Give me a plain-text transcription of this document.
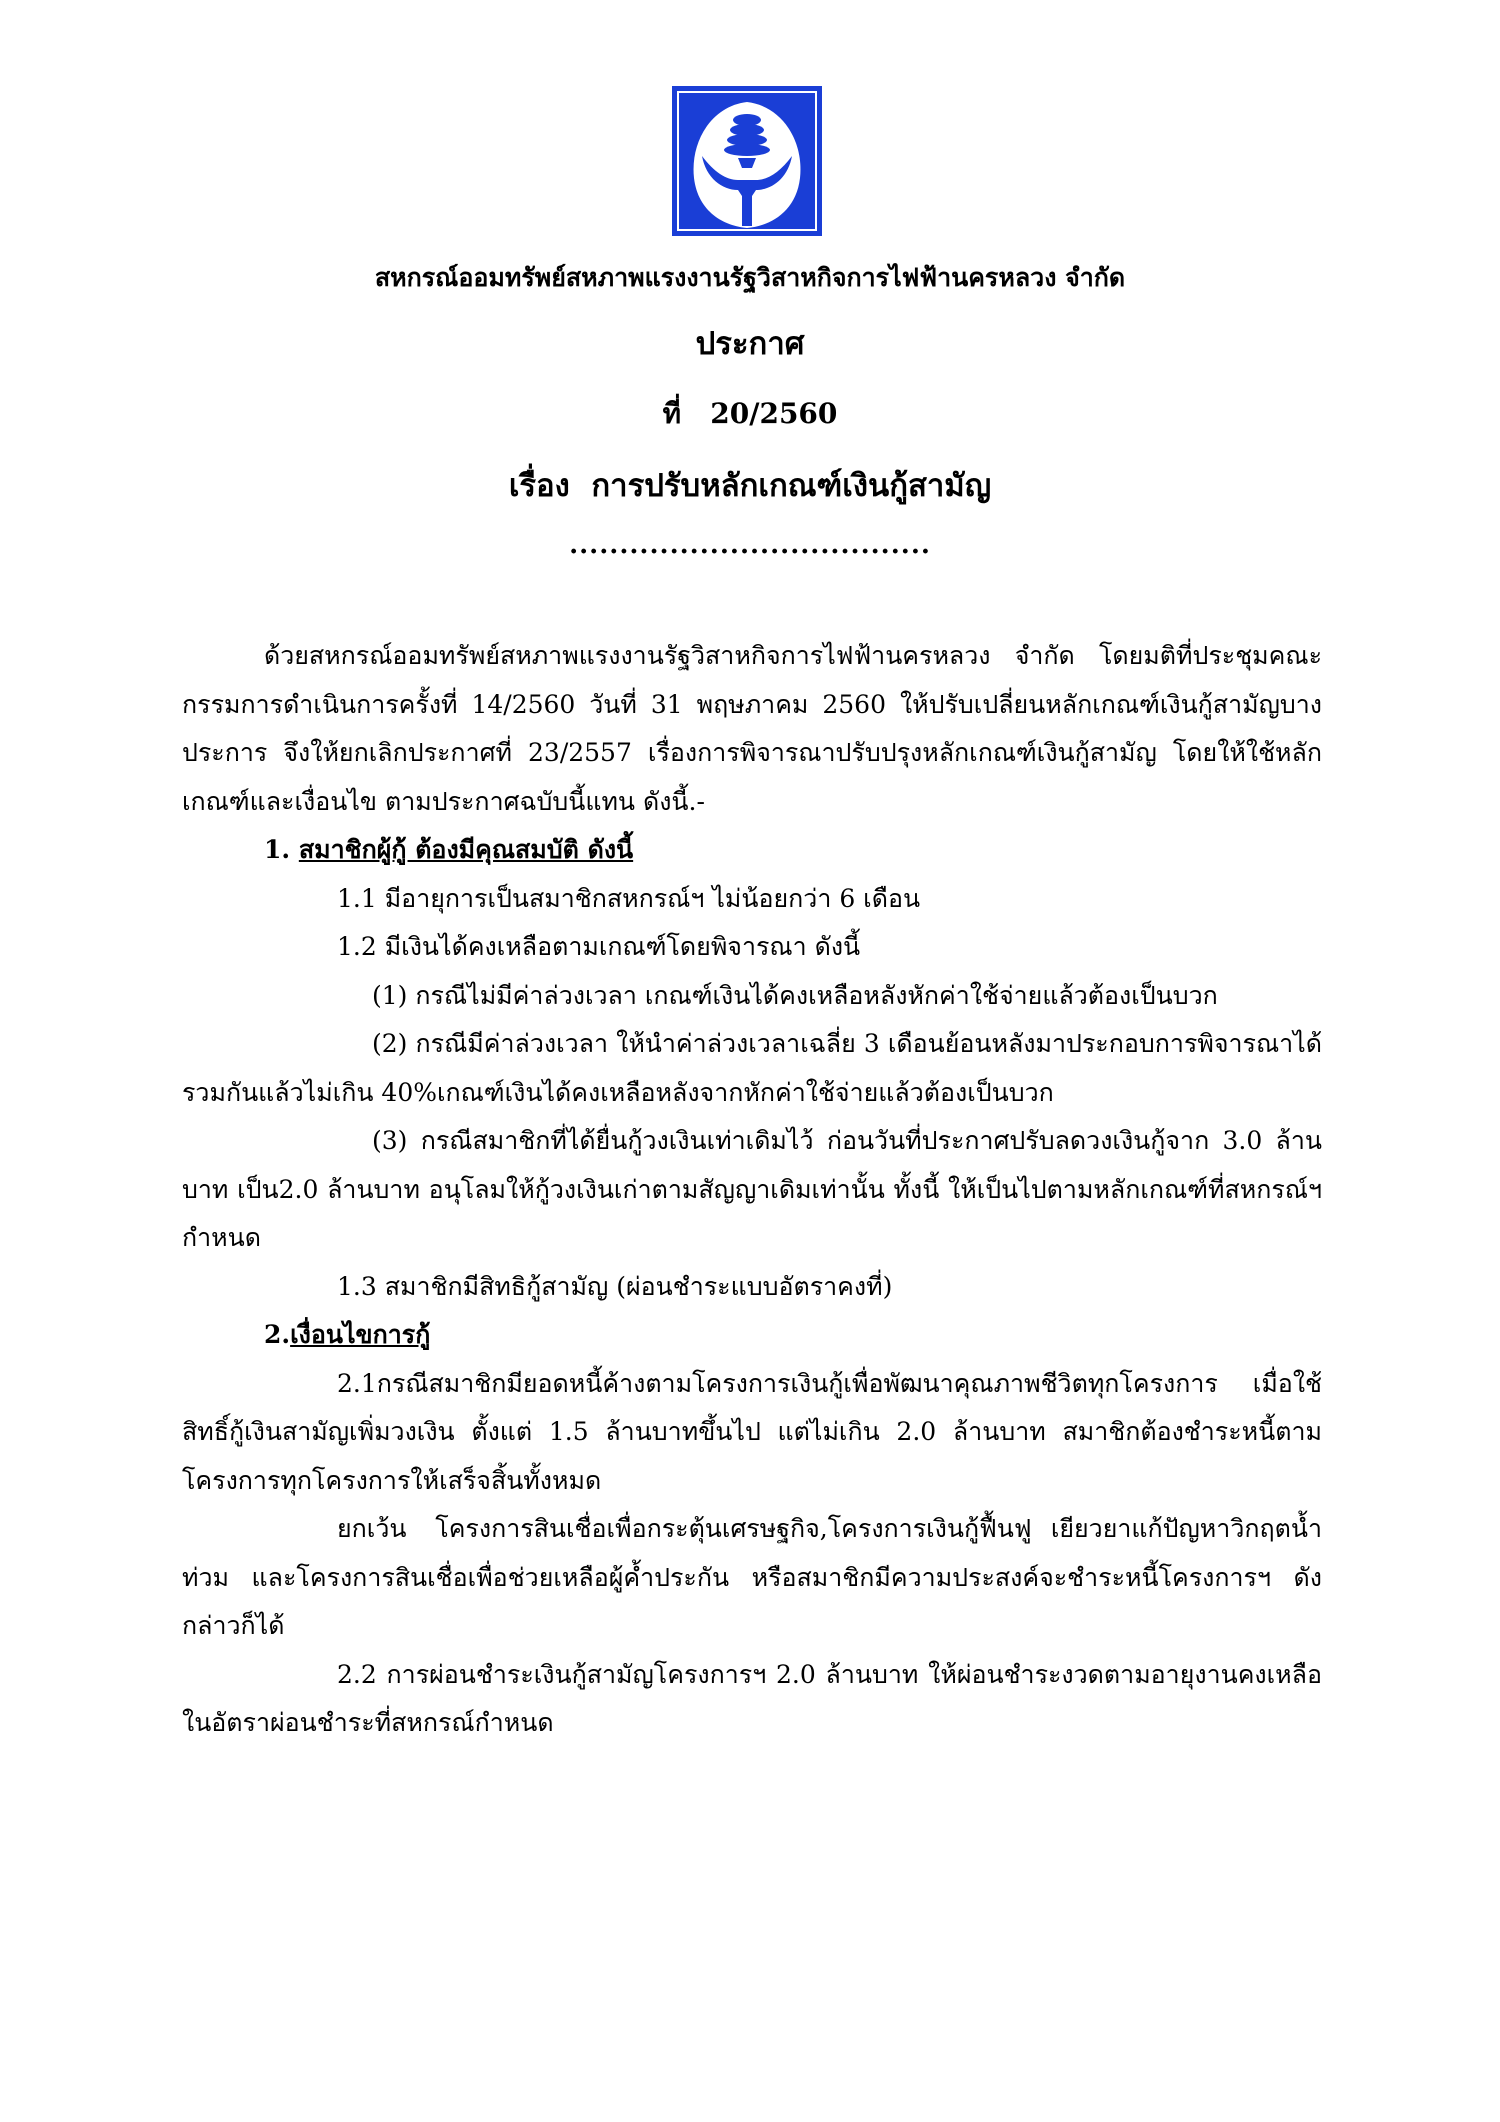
สหกรณ์ออมทรัพย์สหภาพแรงงานรัฐวิสาหกิจการไฟฟ้านครหลวง จำกัด
ประกาศ
ที่   20/2560
เรื่อง  การปรับหลักเกณฑ์เงินกู้สามัญ
....................................

ด้วยสหกรณ์ออมทรัพย์สหภาพแรงงานรัฐวิสาหกิจการไฟฟ้านครหลวง จำกัด โดยมติที่ประชุมคณะกรรมการดำเนินการครั้งที่ 14/2560 วันที่ 31 พฤษภาคม 2560 ให้ปรับเปลี่ยนหลักเกณฑ์เงินกู้สามัญบางประการ จึงให้ยกเลิกประกาศที่ 23/2557 เรื่องการพิจารณาปรับปรุงหลักเกณฑ์เงินกู้สามัญ โดยให้ใช้หลักเกณฑ์และเงื่อนไข ตามประกาศฉบับนี้แทน ดังนี้.-

1. สมาชิกผู้กู้ ต้องมีคุณสมบัติ ดังนี้

1.1 มีอายุการเป็นสมาชิกสหกรณ์ฯ ไม่น้อยกว่า 6 เดือน

1.2 มีเงินได้คงเหลือตามเกณฑ์โดยพิจารณา ดังนี้

(1) กรณีไม่มีค่าล่วงเวลา เกณฑ์เงินได้คงเหลือหลังหักค่าใช้จ่ายแล้วต้องเป็นบวก

(2) กรณีมีค่าล่วงเวลา ให้นำค่าล่วงเวลาเฉลี่ย 3 เดือนย้อนหลังมาประกอบการพิจารณาได้รวมกันแล้วไม่เกิน 40%เกณฑ์เงินได้คงเหลือหลังจากหักค่าใช้จ่ายแล้วต้องเป็นบวก

(3) กรณีสมาชิกที่ได้ยื่นกู้วงเงินเท่าเดิมไว้ ก่อนวันที่ประกาศปรับลดวงเงินกู้จาก 3.0 ล้านบาท เป็น2.0 ล้านบาท อนุโลมให้กู้วงเงินเก่าตามสัญญาเดิมเท่านั้น ทั้งนี้ ให้เป็นไปตามหลักเกณฑ์ที่สหกรณ์ฯ กำหนด

1.3 สมาชิกมีสิทธิกู้สามัญ (ผ่อนชำระแบบอัตราคงที่)

2.เงื่อนไขการกู้

2.1กรณีสมาชิกมียอดหนี้ค้างตามโครงการเงินกู้เพื่อพัฒนาคุณภาพชีวิตทุกโครงการ เมื่อใช้สิทธิ์กู้เงินสามัญเพิ่มวงเงิน ตั้งแต่ 1.5 ล้านบาทขึ้นไป แต่ไม่เกิน 2.0 ล้านบาท สมาชิกต้องชำระหนี้ตามโครงการทุกโครงการให้เสร็จสิ้นทั้งหมด

ยกเว้น   โครงการสินเชื่อเพื่อกระตุ้นเศรษฐกิจ,โครงการเงินกู้ฟื้นฟู  เยียวยาแก้ปัญหาวิกฤตน้ำท่วม และโครงการสินเชื่อเพื่อช่วยเหลือผู้ค้ำประกัน หรือสมาชิกมีความประสงค์จะชำระหนี้โครงการฯ ดังกล่าวก็ได้

2.2 การผ่อนชำระเงินกู้สามัญโครงการฯ 2.0 ล้านบาท ให้ผ่อนชำระงวดตามอายุงานคงเหลือในอัตราผ่อนชำระที่สหกรณ์กำหนด
